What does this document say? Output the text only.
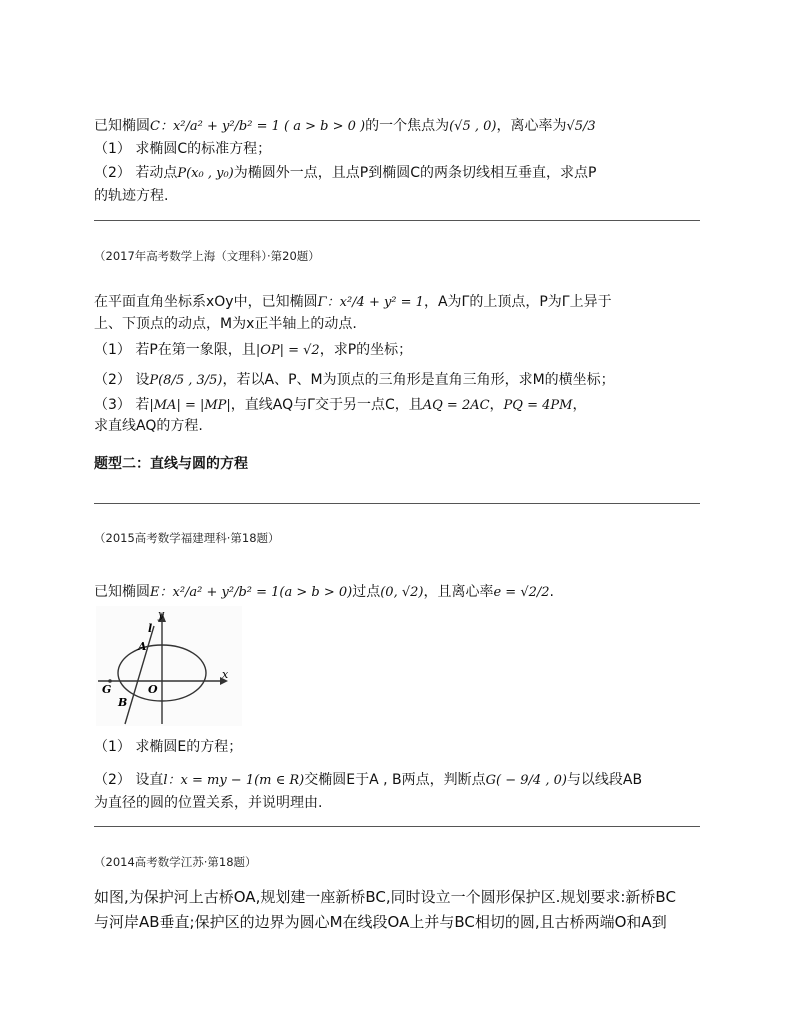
已知椭圆C：x²/a² + y²/b² = 1 ( a > b > 0 )的一个焦点为(√5 , 0)，离心率为√5/3
（1） 求椭圆C的标准方程；
（2） 若动点P(x₀ , y₀)为椭圆外一点，且点P到椭圆C的两条切线相互垂直，求点P
的轨迹方程.
（2017年高考数学上海（文理科）·第20题）
在平面直角坐标系xOy中，已知椭圆Γ：x²/4 + y² = 1，A为Γ的上顶点，P为Γ上异于
上、下顶点的动点，M为x正半轴上的动点.
（1） 若P在第一象限，且|OP| = √2，求P的坐标；
（2） 设P(8/5 , 3/5)，若以A、P、M为顶点的三角形是直角三角形，求M的横坐标；
（3） 若|MA| = |MP|，直线AQ与Γ交于另一点C，且AQ = 2AC，PQ = 4PM，
求直线AQ的方程.
题型二：直线与圆的方程
（2015高考数学福建理科·第18题）
已知椭圆E：x²/a² + y²/b² = 1(a > b > 0)过点(0, √2)，且离心率e = √2/2.
y
x
O
A
B
G
l
（1） 求椭圆E的方程；
（2） 设直l：x = my − 1(m ∈ R)交椭圆E于A , B两点，判断点G( − 9/4 , 0)与以线段AB
为直径的圆的位置关系，并说明理由.
（2014高考数学江苏·第18题）
如图,为保护河上古桥OA,规划建一座新桥BC,同时设立一个圆形保护区.规划要求:新桥BC
与河岸AB垂直;保护区的边界为圆心M在线段OA上并与BC相切的圆,且古桥两端O和A到
